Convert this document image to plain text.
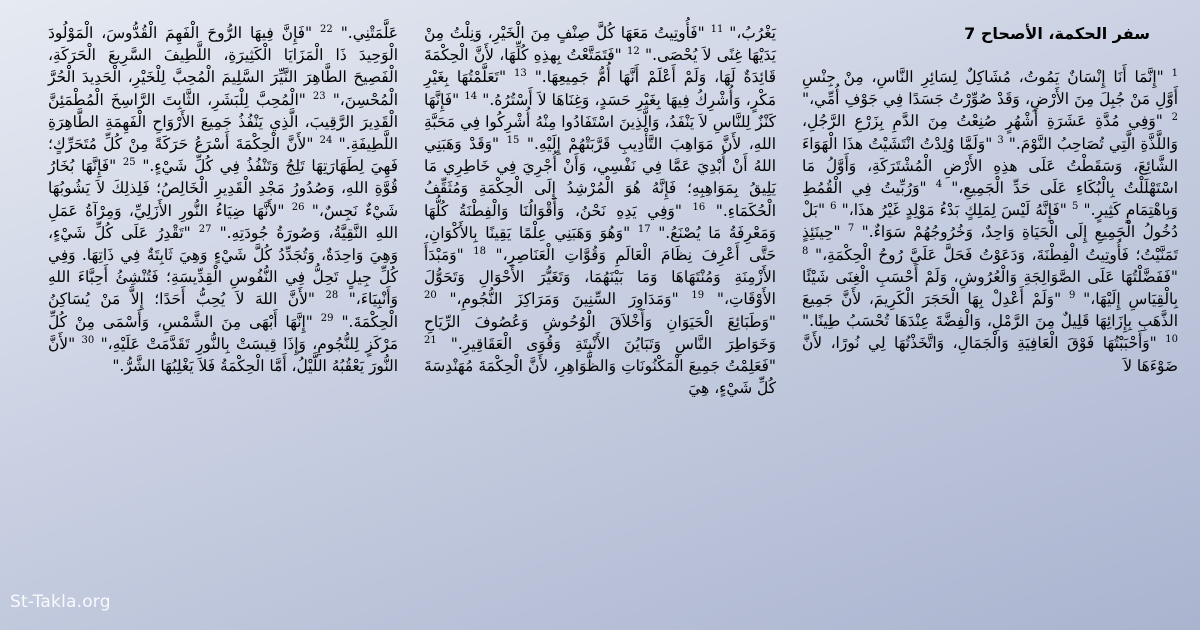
سفر الحكمة، الأصحاح 7
$^1$ "إِنَّمَا أَنَا إِنْسَانٌ يَمُوتُ، مُشَاكِلٌ لِسَائِرِ النَّاسِ، مِنْ جِنْسِ أَوَّلِ مَنْ جُبِلَ مِنَ الأَرْضِ، وَقَدْ صُوِّرْتُ جَسَدًا فِي جَوْفِ أُمِّي،" $^2$ "وَفِي مُدَّةِ عَشَرَةِ أَشْهُرٍ صُنِعْتُ مِنَ الدَّمِ بِزَرْعِ الرَّجُلِ، وَاللَّذَّةِ الَّتِي تُصَاحِبُ النَّوْمَ." $^3$ "وَلَمَّا وُلِدْتُ انْتَشَيْتُ هذَا الْهَوَاءَ الشَّائِعَ، وَسَقَطْتُ عَلَى هذِهِ الأَرْضِ الْمُشْتَرَكَةِ، وَأَوَّلُ مَا اسْتَهْلَلْتُ بِالْبُكَاءِ عَلَى حَدِّ الْجَمِيعِ،" $^4$ "وَرُبِّيتُ فِي الْقُمُطِ وَبِاهْتِمَامٍ كَثِيرٍ." $^5$ "فَإِنَّهُ لَيْسَ لِمَلِكٍ بَدْءُ مَوْلِدٍ غَيْرُ هذَا،" $^6$ "بَلْ دُخُولُ الْجَمِيعِ إِلَى الْحَيَاةِ وَاحِدٌ، وَخُرُوجُهُمْ سَوَاءٌ." $^7$ "حِينَئِذٍ تَمَنَّيْتُ؛ فَأُوتِيتُ الْفِطْنَةَ، وَدَعَوْتُ فَحَلَّ عَلَيَّ رُوحُ الْحِكْمَةِ،" $^8$ "فَفَضَّلْتُهَا عَلَى الصَّوَالِجَةِ وَالْعُرُوشِ، وَلَمْ أَحْسَبِ الْغِنَى شَيْئًا بِالْقِيَاسِ إِلَيْهَا،" $^9$ "وَلَمْ أَعْدِلْ بِهَا الْحَجَرَ الْكَرِيمَ، لأَنَّ جَمِيعَ الذَّهَبِ بِإِزَائِهَا قَلِيلٌ مِنَ الرَّمْلِ، وَالْفِضَّةَ عِنْدَهَا تُحْسَبُ طِينًا." $^{10}$ "وَأَحْبَبْتُهَا فَوْقَ الْعَافِيَةِ وَالْجَمَالِ، وَاتَّخَذْتُهَا لِي نُورًا، لأَنَّ ضَوْءَهَا لاَ
يَغْرُبُ،" $^{11}$ "فَأُوتِيتُ مَعَهَا كُلَّ صِنْفٍ مِنَ الْخَيْرِ، وَنِلْتُ مِنْ يَدَيْهَا غِنًى لاَ يُحْصَى." $^{12}$ "فَتَمَتَّعْتُ بِهذِهِ كُلِّهَا، لأَنَّ الْحِكْمَةَ قَائِدَةٌ لَهَا، وَلَمْ أَعْلَمْ أَنَّهَا أُمُّ جَمِيعِهَا." $^{13}$ "تَعَلَّمْتُهَا بِغَيْرِ مَكْرٍ، وَأُشْرِكُ فِيهَا بِغَيْرِ حَسَدٍ، وَغِنَاهَا لاَ أَسْتُرُهُ." $^{14}$ "فَإِنَّهَا كَنْزٌ لِلنَّاسِ لاَ يَنْفَدُ، وَالَّذِينَ اسْتَفَادُوا مِنْهُ أُشْرِكُوا فِي مَحَبَّةِ اللهِ، لأَنَّ مَوَاهِبَ التَّأْدِيبِ قَرَّبَتْهُمْ إِلَيْهِ." $^{15}$ "وَقَدْ وَهَبَنِي اللهُ أَنْ أُبْدِيَ عَمَّا فِي نَفْسِي، وَأَنْ أُجْرِيَ فِي خَاطِرِي مَا يَلِيقُ بِمَوَاهِبِهِ؛ فَإِنَّهُ هُوَ الْمُرْشِدُ إِلَى الْحِكْمَةِ وَمُثَقِّفُ الْحُكَمَاءِ." $^{16}$ "وَفِي يَدِهِ نَحْنُ، وَأَقْوَالُنَا وَالْفِطْنَةُ كُلُّهَا وَمَعْرِفَةُ مَا يُصْنَعُ." $^{17}$ "وَهُوَ وَهَبَنِي عِلْمًا يَقِينًا بِالأَكْوَانِ، حَتَّى أَعْرِفَ نِظَامَ الْعَالَمِ وَقُوَّاتِ الْعَنَاصِرِ،" $^{18}$ "وَمَبْدَأَ الأَزْمِنَةِ وَمُنْتَهَاهَا وَمَا بَيْنَهُمَا، وَتَغَيُّرَ الأَحْوَالِ وَتَحَوُّلَ الأَوْقَاتِ،" $^{19}$ "وَمَدَاوِرَ السِّنِينَ وَمَرَاكِزَ النُّجُومِ،" $^{20}$ "وَطَبَائِعَ الْحَيَوَانِ وَأَخْلاَقَ الْوُحُوشِ وَعُصُوفَ الرِّيَاحِ وَخَوَاطِرَ النَّاسِ وَتَبَايُنَ الأَنْبِتَةِ وَقُوَى الْعَقَاقِيرِ." $^{21}$ "فَعَلِمْتُ جَمِيعَ الْمَكْنُونَاتِ وَالظَّوَاهِرِ، لأَنَّ الْحِكْمَةَ مُهَنْدِسَةَ كُلِّ شَيْءٍ، هِيَ
عَلَّمَتْنِي." $^{22}$ "فَإِنَّ فِيهَا الرُّوحَ الْفَهِمَ الْقُدُّوسَ، الْمَوْلُودَ الْوَحِيدَ ذَا الْمَزَايَا الْكَثِيرَةِ، اللَّطِيفَ السَّرِيعَ الْحَرَكَةِ، الْفَصِيحَ الطَّاهِرَ النَّيِّرَ السَّلِيمَ الْمُحِبَّ لِلْخَيْرِ، الْحَدِيدَ الْحُرَّ الْمُحْسِنَ،" $^{23}$ "الْمُحِبَّ لِلْبَشَرِ، الثَّابِتَ الرَّاسِخَ الْمُطْمَئِنَّ الْقَدِيرَ الرَّقِيبَ، الَّذِي يَنْفُذُ جَمِيعَ الأَرْوَاحِ الْفَهِمَةِ الطَّاهِرَةِ اللَّطِيفَةِ." $^{24}$ "لأَنَّ الْحِكْمَةَ أَسْرَعُ حَرَكَةً مِنْ كُلِّ مُتَحَرِّكٍ؛ فَهِيَ لِطَهَارَتِهَا تَلِجُ وَتَنْفُذُ فِي كُلِّ شَيْءٍ." $^{25}$ "فَإِنَّهَا بُخَارُ قُوَّةِ اللهِ، وَصُدُورُ مَجْدِ الْقَدِيرِ الْخَالِصُ؛ فَلِذلِكَ لاَ يَشُوبُهَا شَيْءٌ نَجِسٌ،" $^{26}$ "لأَنَّهَا ضِيَاءُ النُّورِ الأَزَلِيِّ، وَمِرْآةُ عَمَلِ اللهِ النَّقِيَّةُ، وَصُورَةُ جُودَتِهِ." $^{27}$ "تَقْدِرُ عَلَى كُلِّ شَيْءٍ، وَهِيَ وَاحِدَةٌ، وَتُجَدِّدُ كُلَّ شَيْءٍ وَهِيَ ثَابِتَةٌ فِي ذَاتِهَا. وَفِي كُلِّ جِيلٍ تَحِلُّ فِي النُّفُوسِ الْقِدِّيسَةِ؛ فَتُنْشِئُ أَحِبَّاءَ اللهِ وَأَنْبِيَاءَ،" $^{28}$ "لأَنَّ اللهَ لاَ يُحِبُّ أَحَدًا؛ إِلاَّ مَنْ يُسَاكِنُ الْحِكْمَةَ." $^{29}$ "إِنَّهَا أَبْهَى مِنَ الشَّمْسِ، وَأَسْمَى مِنْ كُلِّ مَرْكَزٍ لِلنُّجُومِ، وَإِذَا قِيسَتْ بِالنُّورِ تَقَدَّمَتْ عَلَيْهِ،" $^{30}$ "لأَنَّ النُّورَ يَعْقُبُهُ اللَّيْلُ، أَمَّا الْحِكْمَةُ فَلاَ يَغْلِبُهَا الشَّرُّ."
St-Takla.org
